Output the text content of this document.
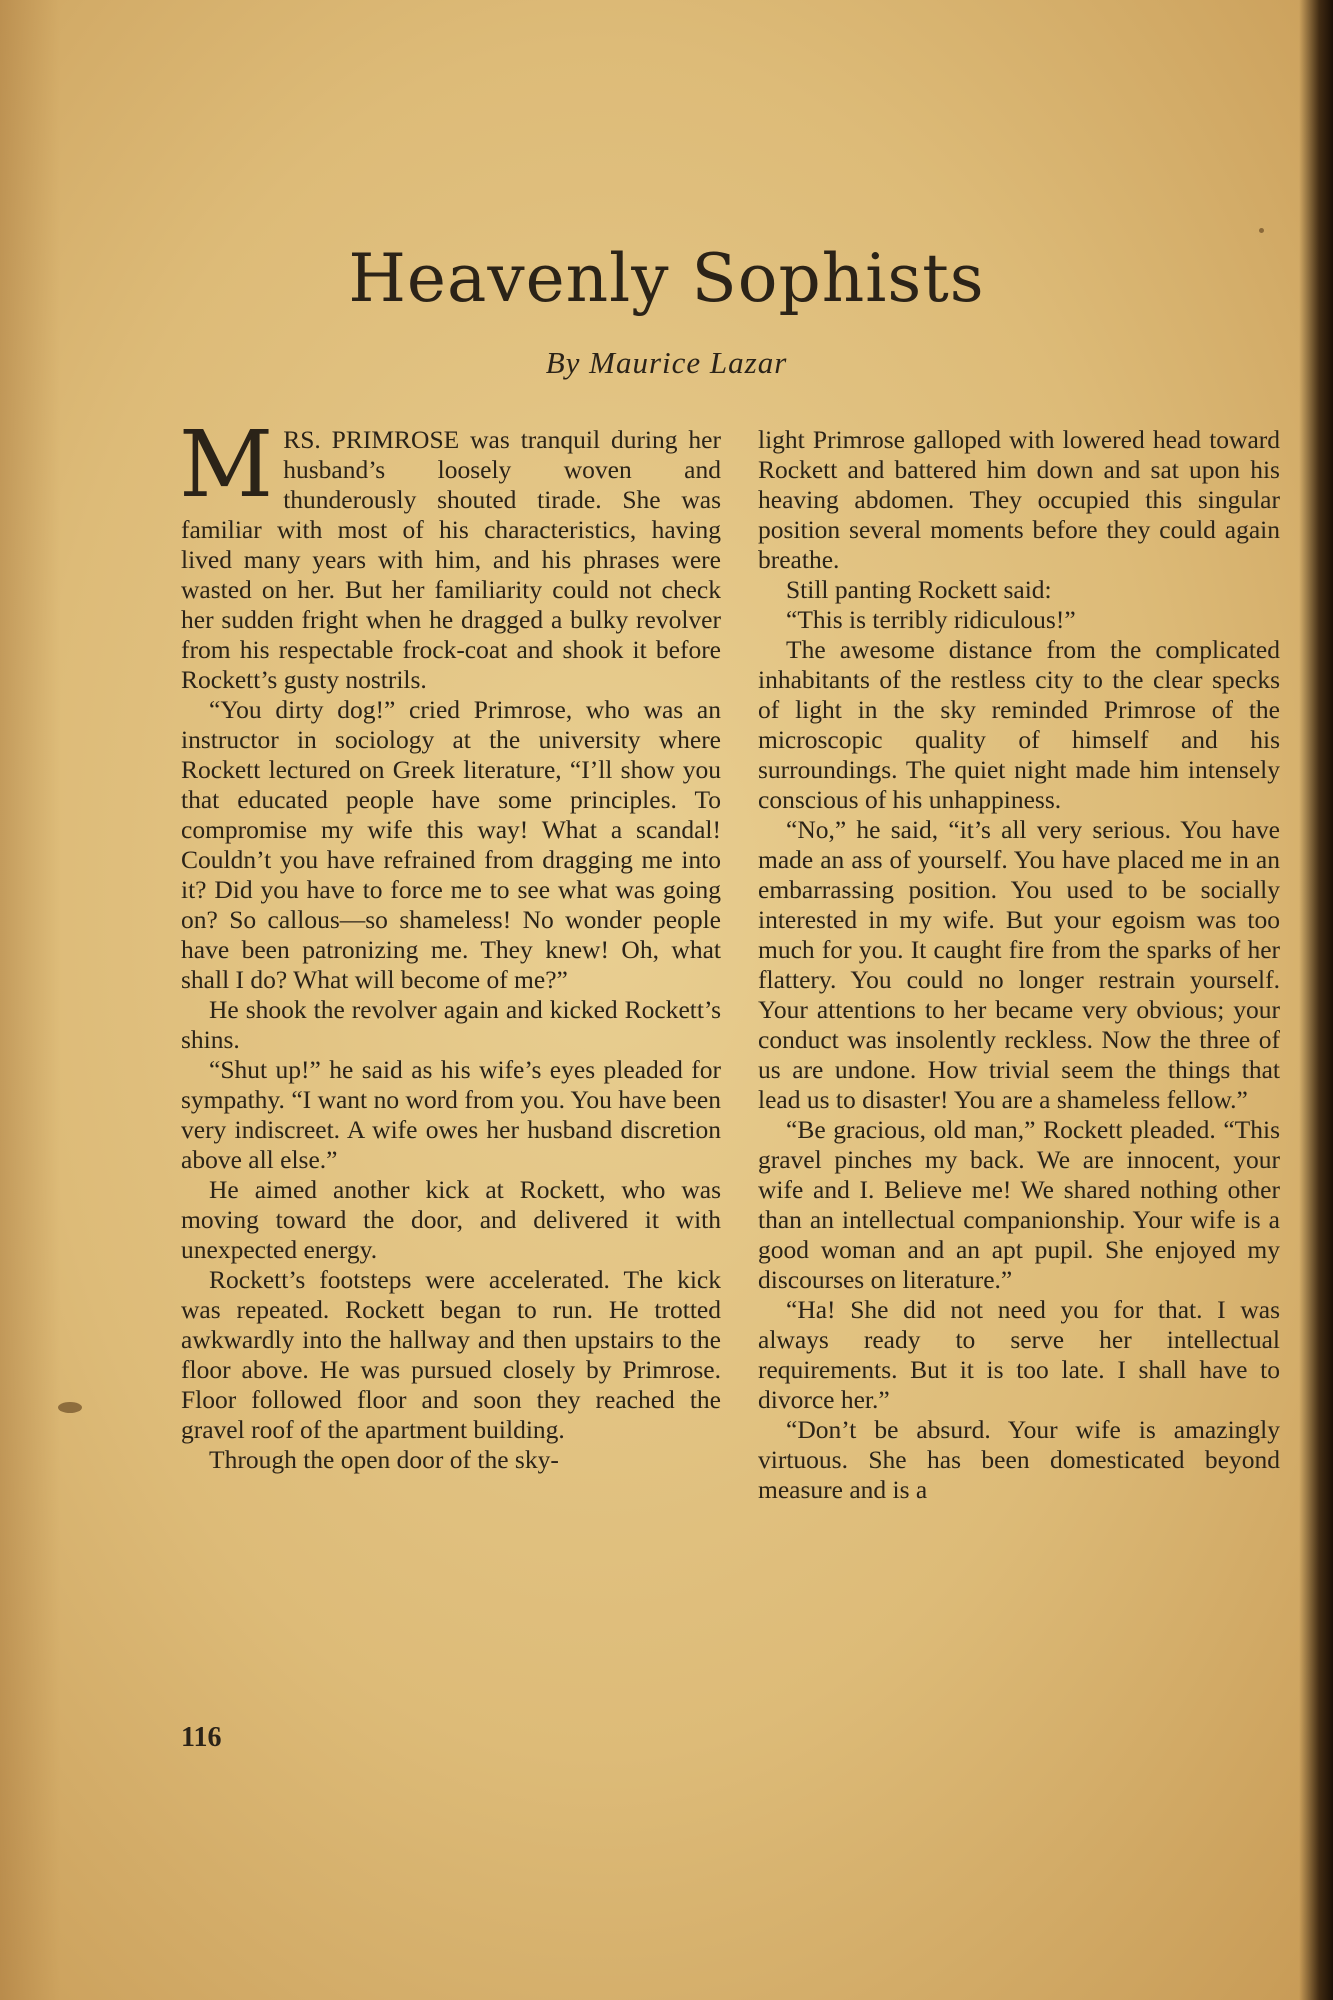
Heavenly Sophists
By Maurice Lazar

MRS. PRIMROSE was tranquil during her husband’s loosely woven and thunderously shouted tirade. She was familiar with most of his characteristics, having lived many years with him, and his phrases were wasted on her. But her familiarity could not check her sudden fright when he dragged a bulky revolver from his respectable frock-coat and shook it before Rockett’s gusty nostrils.

“You dirty dog!” cried Primrose, who was an instructor in sociology at the university where Rockett lectured on Greek literature, “I’ll show you that educated people have some principles. To compromise my wife this way! What a scandal! Couldn’t you have refrained from dragging me into it? Did you have to force me to see what was going on? So callous—so shameless! No wonder people have been patronizing me. They knew! Oh, what shall I do? What will become of me?”

He shook the revolver again and kicked Rockett’s shins.

“Shut up!” he said as his wife’s eyes pleaded for sympathy. “I want no word from you. You have been very indiscreet. A wife owes her husband discretion above all else.”

He aimed another kick at Rockett, who was moving toward the door, and delivered it with unexpected energy.

Rockett’s footsteps were accelerated. The kick was repeated. Rockett began to run. He trotted awkwardly into the hallway and then upstairs to the floor above. He was pursued closely by Primrose. Floor followed floor and soon they reached the gravel roof of the apartment building.

Through the open door of the sky-

light Primrose galloped with lowered head toward Rockett and battered him down and sat upon his heaving abdomen. They occupied this singular position several moments before they could again breathe.

Still panting Rockett said:

“This is terribly ridiculous!”

The awesome distance from the complicated inhabitants of the restless city to the clear specks of light in the sky reminded Primrose of the microscopic quality of himself and his surroundings. The quiet night made him intensely conscious of his unhappiness.

“No,” he said, “it’s all very serious. You have made an ass of yourself. You have placed me in an embarrassing position. You used to be socially interested in my wife. But your egoism was too much for you. It caught fire from the sparks of her flattery. You could no longer restrain yourself. Your attentions to her became very obvious; your conduct was insolently reckless. Now the three of us are undone. How trivial seem the things that lead us to disaster! You are a shameless fellow.”

“Be gracious, old man,” Rockett pleaded. “This gravel pinches my back. We are innocent, your wife and I. Believe me! We shared nothing other than an intellectual companionship. Your wife is a good woman and an apt pupil. She enjoyed my discourses on literature.”

“Ha! She did not need you for that. I was always ready to serve her intellectual requirements. But it is too late. I shall have to divorce her.”

“Don’t be absurd. Your wife is amazingly virtuous. She has been domesticated beyond measure and is a

116
